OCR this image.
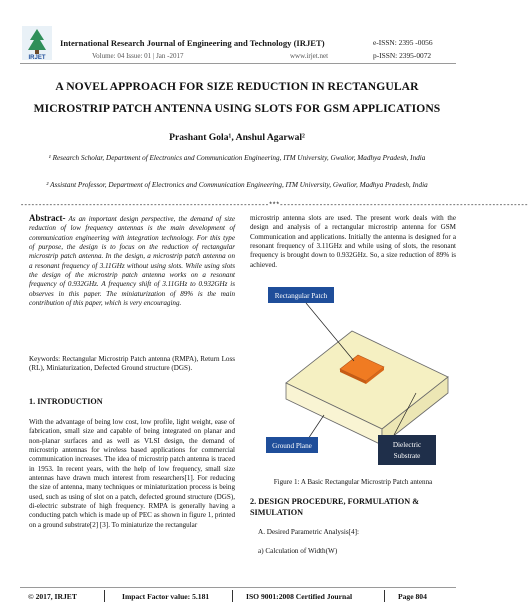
IRJET
International Research Journal of Engineering and Technology (IRJET)
Volume: 04 Issue: 01 | Jan -2017	www.irjet.net
e-ISSN: 2395 -0056
p-ISSN: 2395-0072
A NOVEL APPROACH FOR SIZE REDUCTION IN RECTANGULAR
MICROSTRIP PATCH ANTENNA USING SLOTS FOR GSM APPLICATIONS
Prashant Gola¹, Anshul Agarwal²
¹ Research Scholar, Department of Electronics and Communication Engineering, ITM University, Gwalior, Madhya Pradesh, India
² Assistant Professor, Department of Electronics and Communication Engineering, ITM University, Gwalior, Madhya Pradesh, India
---------------------------------------------------------------------***---------------------------------------------------------------------
Abstract- As an important design perspective, the demand of size reduction of low frequency antennas is the main development of communication engineering with integration technology. For this type of purpose, the design is to focus on the reduction of rectangular microstrip patch antenna. In the design, a microstrip patch antenna on a resonant frequency of 3.11GHz without using slots. While using slots the design of the microstrip patch antenna works on a resonant frequency of 0.932GHz. A frequency shift of 3.11GHz to 0.932GHz is observes in this paper. The miniaturization of 89% is the main contribution of this paper, which is very encouraging.
Keywords: Rectangular Microstrip Patch antenna (RMPA), Return Loss (RL), Miniaturization, Defected Ground structure (DGS).
1. INTRODUCTION
With the advantage of being low cost, low profile, light weight, ease of fabrication, small size and capable of being integrated on planar and non-planar surfaces and as well as VLSI design, the demand of microstrip antennas for wireless based applications for commercial communication increases. The idea of microstrip patch antenna is traced in 1953. In recent years, with the help of low frequency, small size antennas have drawn much interest from researchers[1]. For reducing the size of antenna, many techniques or miniaturization process is being used, such as using of slot on a patch, defected ground structure (DGS), di-electric substrate of high frequency. RMPA is generally having a conducting patch which is made up of PEC as shown in figure 1, printed on a ground substrate[2] [3]. To miniaturize the rectangular
microstrip antenna slots are used. The present work deals with the design and analysis of a rectangular microstrip antenna for GSM Communication and applications. Initially the antenna is designed for a resonant frequency of 3.11GHz and while using of slots, the resonant frequency is brought down to 0.932GHz. So, a size reduction of 89% is achieved.
Rectangular Patch
Ground Plane	Dielectric
Substrate
Figure 1: A Basic Rectangular Microstrip Patch antenna
2. DESIGN PROCEDURE, FORMULATION & SIMULATION
A. Desired Parametric Analysis[4]:
a) Calculation of Width(W)
© 2017, IRJET	Impact Factor value: 5.181	ISO 9001:2008 Certified Journal	Page 804
